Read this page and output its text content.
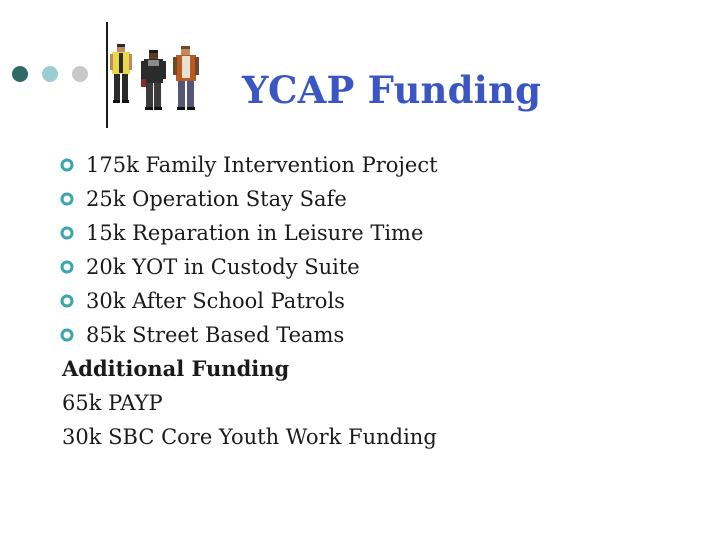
YCAP Funding
175k Family Intervention Project
25k Operation Stay Safe
15k Reparation in Leisure Time
20k YOT in Custody Suite
30k After School Patrols
85k Street Based Teams
Additional Funding
65k PAYP
30k SBC Core Youth Work Funding
